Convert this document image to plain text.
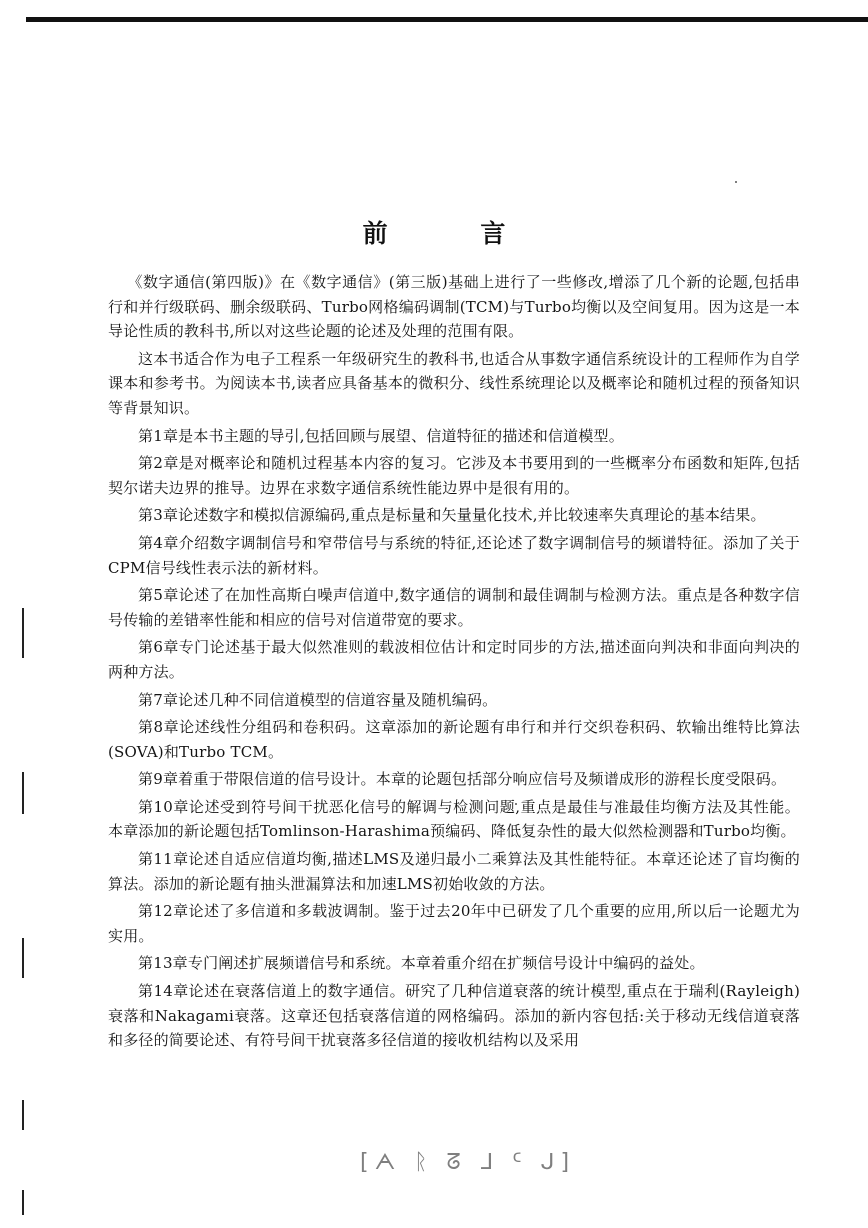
前 言

《数字通信(第四版)》在《数字通信》(第三版)基础上进行了一些修改,增添了几个新的论题,包括串行和并行级联码、删余级联码、Turbo网格编码调制(TCM)与Turbo均衡以及空间复用。因为这是一本导论性质的教科书,所以对这些论题的论述及处理的范围有限。

这本书适合作为电子工程系一年级研究生的教科书,也适合从事数字通信系统设计的工程师作为自学课本和参考书。为阅读本书,读者应具备基本的微积分、线性系统理论以及概率论和随机过程的预备知识等背景知识。

第1章是本书主题的导引,包括回顾与展望、信道特征的描述和信道模型。

第2章是对概率论和随机过程基本内容的复习。它涉及本书要用到的一些概率分布函数和矩阵,包括契尔诺夫边界的推导。边界在求数字通信系统性能边界中是很有用的。

第3章论述数字和模拟信源编码,重点是标量和矢量量化技术,并比较速率失真理论的基本结果。

第4章介绍数字调制信号和窄带信号与系统的特征,还论述了数字调制信号的频谱特征。添加了关于CPM信号线性表示法的新材料。

第5章论述了在加性高斯白噪声信道中,数字通信的调制和最佳调制与检测方法。重点是各种数字信号传输的差错率性能和相应的信号对信道带宽的要求。

第6章专门论述基于最大似然准则的载波相位估计和定时同步的方法,描述面向判决和非面向判决的两种方法。

第7章论述几种不同信道模型的信道容量及随机编码。

第8章论述线性分组码和卷积码。这章添加的新论题有串行和并行交织卷积码、软输出维特比算法(SOVA)和Turbo TCM。

第9章着重于带限信道的信号设计。本章的论题包括部分响应信号及频谱成形的游程长度受限码。

第10章论述受到符号间干扰恶化信号的解调与检测问题,重点是最佳与准最佳均衡方法及其性能。本章添加的新论题包括Tomlinson-Harashima预编码、降低复杂性的最大似然检测器和Turbo均衡。

第11章论述自适应信道均衡,描述LMS及递归最小二乘算法及其性能特征。本章还论述了盲均衡的算法。添加的新论题有抽头泄漏算法和加速LMS初始收敛的方法。

第12章论述了多信道和多载波调制。鉴于过去20年中已研发了几个重要的应用,所以后一论题尤为实用。

第13章专门阐述扩展频谱信号和系统。本章着重介绍在扩频信号设计中编码的益处。

第14章论述在衰落信道上的数字通信。研究了几种信道衰落的统计模型,重点在于瑞利(Rayleigh)衰落和Nakagami衰落。这章还包括衰落信道的网格编码。添加的新内容包括:关于移动无线信道衰落和多径的简要论述、有符号间干扰衰落多径信道的接收机结构以及采用

[ᗅ ᚱ ᘔ ᒧ ᑦ ᒍ]
